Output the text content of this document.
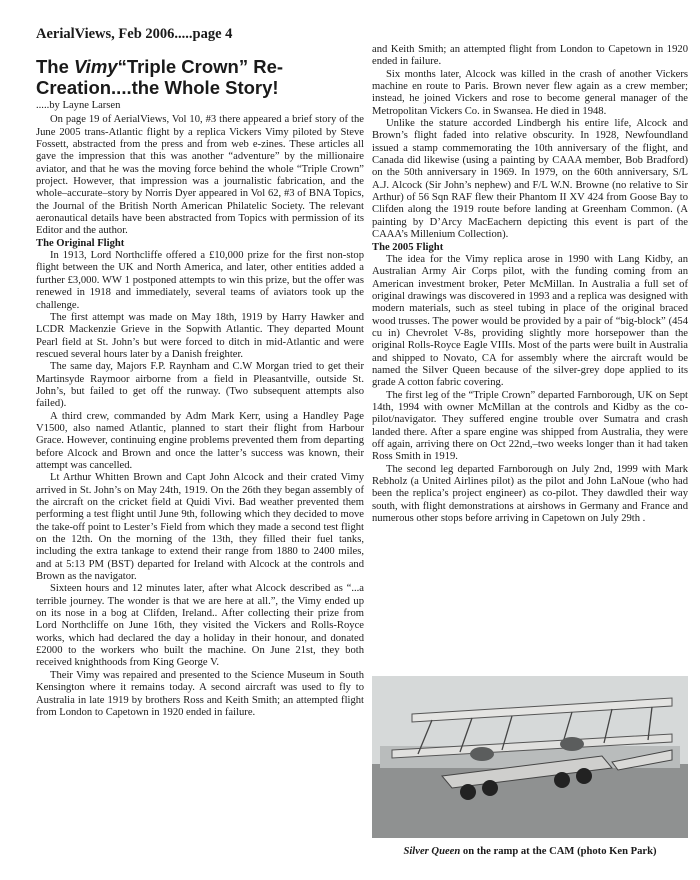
AerialViews, Feb 2006.....page 4
The Vimy“Triple Crown” Re-Creation....the Whole Story!
.....by Layne Larsen

On page 19 of AerialViews, Vol 10, #3 there appeared a brief story of the June 2005 trans-Atlantic flight by a replica Vickers Vimy piloted by Steve Fossett, abstracted from the press and from web e-zines. These articles all gave the impression that this was another “adventure” by the millionaire aviator, and that he was the moving force behind the whole “Triple Crown” project. However, that impression was a journalistic fabrication, and the whole–accurate–story by Norris Dyer appeared in Vol 62, #3 of BNA Topics, the Journal of the British North American Philatelic Society. The relevant aeronautical details have been abstracted from Topics with permission of its Editor and the author.

The Original Flight

In 1913, Lord Northcliffe offered a £10,000 prize for the first non-stop flight between the UK and North America, and later, other entities added a further £3,000. WW 1 postponed attempts to win this prize, but the offer was renewed in 1918 and immediately, several teams of aviators took up the challenge.

The first attempt was made on May 18th, 1919 by Harry Hawker and LCDR Mackenzie Grieve in the Sopwith Atlantic. They departed Mount Pearl field at St. John’s but were forced to ditch in mid-Atlantic and were rescued several hours later by a Danish freighter.

The same day, Majors F.P. Raynham and C.W Morgan tried to get their Martinsyde Raymoor airborne from a field in Pleasantville, outside St. John’s, but failed to get off the runway. (Two subsequent attempts also failed).

A third crew, commanded by Adm Mark Kerr, using a Handley Page V1500, also named Atlantic, planned to start their flight from Harbour Grace. However, continuing engine problems prevented them from departing before Alcock and Brown and once the latter’s success was known, their attempt was cancelled.

Lt Arthur Whitten Brown and Capt John Alcock and their crated Vimy arrived in St. John’s on May 24th, 1919. On the 26th they began assembly of the aircraft on the cricket field at Quidi Vivi. Bad weather prevented them performing a test flight until June 9th, following which they decided to move the take-off point to Lester’s Field from which they made a second test flight on the 12th. On the morning of the 13th, they filled their fuel tanks, including the extra tankage to extend their range from 1880 to 2400 miles, and at 5:13 PM (BST) departed for Ireland with Alcock at the controls and Brown as the navigator.

Sixteen hours and 12 minutes later, after what Alcock described as “...a terrible journey. The wonder is that we are here at all.”, the Vimy ended up on its nose in a bog at Clifden, Ireland.. After collecting their prize from Lord Northcliffe on June 16th, they visited the Vickers and Rolls-Royce works, which had declared the day a holiday in their honour, and donated £2000 to the workers who built the machine. On June 21st, they both received knighthoods from King George V.

Their Vimy was repaired and presented to the Science Museum in South Kensington where it remains today. A second aircraft was used to fly to Australia in late 1919 by brothers Ross and Keith Smith; an attempted flight from London to Capetown in 1920 ended in failure.

and Keith Smith; an attempted flight from London to Capetown in 1920 ended in failure.

Six months later, Alcock was killed in the crash of another Vickers machine en route to Paris. Brown never flew again as a crew member; instead, he joined Vickers and rose to become general manager of the Metropolitan Vickers Co. in Swansea. He died in 1948.

Unlike the stature accorded Lindbergh his entire life, Alcock and Brown’s flight faded into relative obscurity. In 1928, Newfoundland issued a stamp commemorating the 10th anniversary of the flight, and Canada did likewise (using a painting by CAAA member, Bob Bradford) on the 50th anniversary in 1969. In 1979, on the 60th anniversary, S/L A.J. Alcock (Sir John’s nephew) and F/L W.N. Browne (no relative to Sir Arthur) of 56 Sqn RAF flew their Phantom II XV 424 from Goose Bay to Clifden along the 1919 route before landing at Greenham Common. (A painting by D’Arcy MacEachern depicting this event is part of the CAAA’s Millenium Collection).

The 2005 Flight

The idea for the Vimy replica arose in 1990 with Lang Kidby, an Australian Army Air Corps pilot, with the funding coming from an American investment broker, Peter McMillan. In Australia a full set of original drawings was discovered in 1993 and a replica was designed with modern materials, such as steel tubing in place of the original braced wood trusses. The power would be provided by a pair of “big-block” (454 cu in) Chevrolet V-8s, providing slightly more horsepower than the original Rolls-Royce Eagle VIIIs. Most of the parts were built in Australia and shipped to Novato, CA for assembly where the aircraft would be named the Silver Queen because of the silver-grey dope applied to its grade A cotton fabric covering.

The first leg of the “Triple Crown” departed Farnborough, UK on Sept 14th, 1994 with owner McMillan at the controls and Kidby as the co-pilot/navigator. They suffered engine trouble over Sumatra and crash landed there. After a spare engine was shipped from Australia, they were off again, arriving there on Oct 22nd,–two weeks longer than it had taken Ross Smith in 1919.

The second leg departed Farnborough on July 2nd, 1999 with Mark Rebholz (a United Airlines pilot) as the pilot and John LaNoue (who had been the replica’s project engineer) as co-pilot. They dawdled their way south, with flight demonstrations at airshows in Germany and France and numerous other stops before arriving in Capetown on July 29th .

Silver Queen on the ramp at the CAM (photo Ken Park)
